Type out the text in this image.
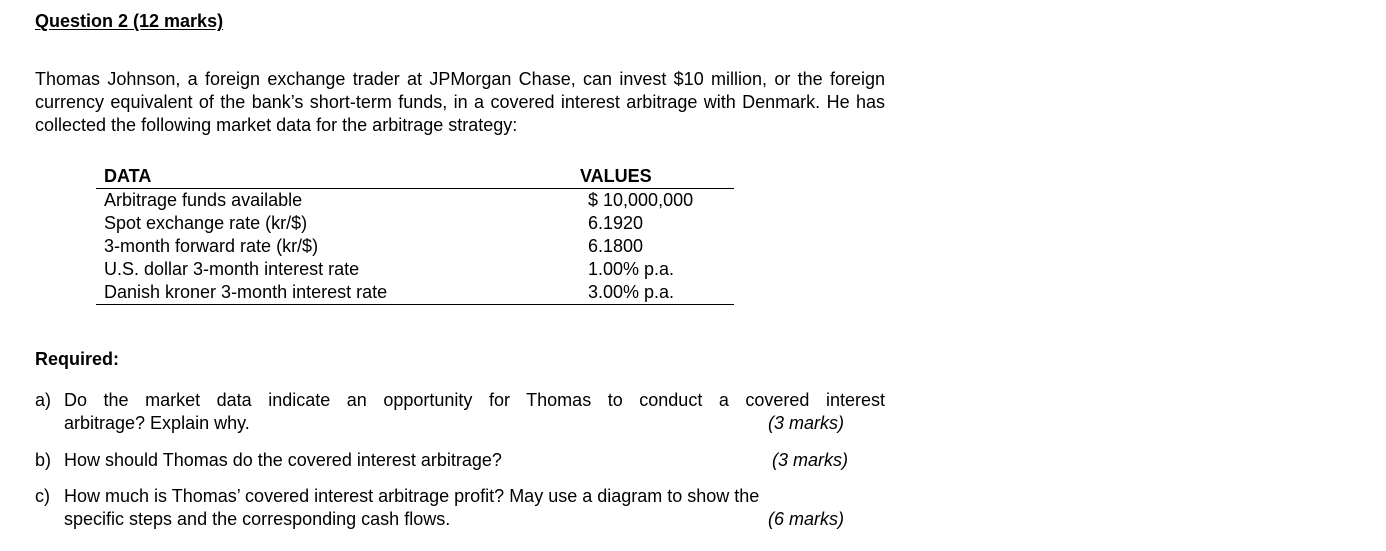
Question 2 (12 marks)
Thomas Johnson, a foreign exchange trader at JPMorgan Chase, can invest $10 million, or the foreign currency equivalent of the bank’s short-term funds, in a covered interest arbitrage with Denmark. He has collected the following market data for the arbitrage strategy:
DATA	VALUES
Arbitrage funds available	$ 10,000,000
Spot exchange rate (kr/$)	6.1920
3-month forward rate (kr/$)	6.1800
U.S. dollar 3-month interest rate	1.00% p.a.
Danish kroner 3-month interest rate	3.00% p.a.
Required:
a) Do the market data indicate an opportunity for Thomas to conduct a covered interest
arbitrage? Explain why.	(3 marks)
b) How should Thomas do the covered interest arbitrage?	(3 marks)
c) How much is Thomas’ covered interest arbitrage profit? May use a diagram to show the
specific steps and the corresponding cash flows.	(6 marks)
